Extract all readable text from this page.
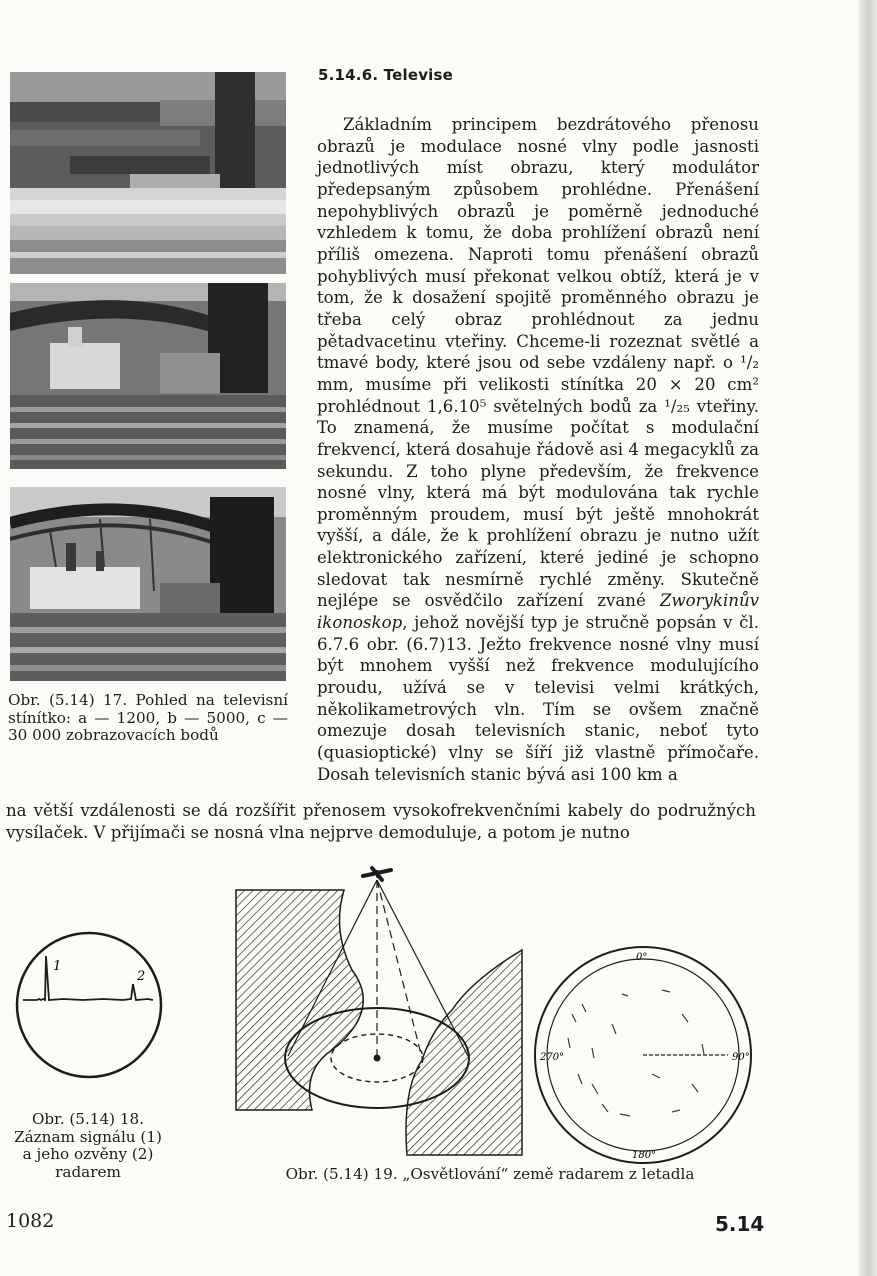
5.14.6. Televise
Obr. (5.14) 17. Pohled na televisní stínítko: a — 1200, b — 5000, c — 30 000 zobrazovacích bodů
Základním principem bezdrátového přenosu obrazů je modulace nosné vlny podle jasnosti jednotlivých míst obrazu, který modulátor předepsaným způsobem prohlédne. Přenášení nepohyblivých obrazů je poměrně jednoduché vzhledem k tomu, že doba prohlížení obrazů není příliš omezena. Naproti tomu přenášení obrazů pohyblivých musí překonat velkou obtíž, která je v tom, že k dosažení spojitě proměnného obrazu je třeba celý obraz prohlédnout za jednu pětadvacetinu vteřiny. Chceme-li rozeznat světlé a tmavé body, které jsou od sebe vzdáleny např. o ¹/₂ mm, musíme při velikosti stínítka 20 × 20 cm² prohlédnout 1,6.10⁵ světelných bodů za ¹/₂₅ vteřiny. To znamená, že musíme počítat s modulační frekvencí, která dosahuje řádově asi 4 megacyklů za sekundu. Z toho plyne především, že frekvence nosné vlny, která má být modulována tak rychle proměnným proudem, musí být ještě mnohokrát vyšší, a dále, že k prohlížení obrazu je nutno užít elektronického zařízení, které jediné je schopno sledovat tak nesmírně rychlé změny. Skutečně nejlépe se osvědčilo zařízení zvané Zworykinův ikonoskop, jehož novější typ je stručně popsán v čl. 6.7.6 obr. (6.7)13. Ježto frekvence nosné vlny musí být mnohem vyšší než frekvence modulujícího proudu, užívá se v televisi velmi krátkých, několikametrových vln. Tím se ovšem značně omezuje dosah televisních stanic, neboť tyto (quasioptické) vlny se šíří již vlastně přímočaře. Dosah televisních stanic bývá asi 100 km a
na větší vzdálenosti se dá rozšířit přenosem vysokofrekvenčními kabely do podružných vysílaček. V přijímači se nosná vlna nejprve demoduluje, a potom je nutno
1
2
Obr. (5.14) 18. Záznam signálu (1) a jeho ozvěny (2) radarem
0°
270°	90°
180°
Obr. (5.14) 19. „Osvětlování“ země radarem z letadla
1082	5.14
